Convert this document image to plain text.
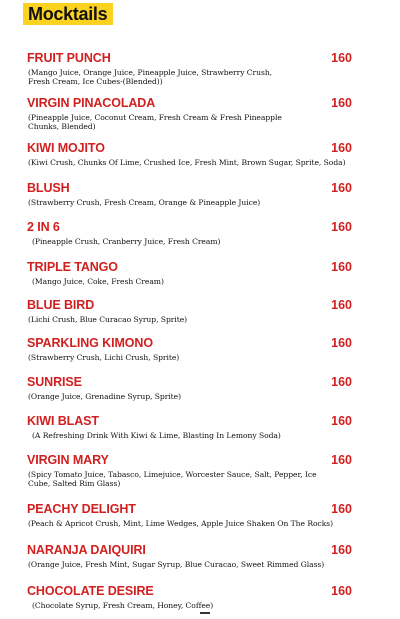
Mocktails
FRUIT PUNCH	160
(Mango Juice, Orange Juice, Pineapple Juice, Strawberry Crush, Fresh Cream, Ice Cubes-(Blended))
VIRGIN PINACOLADA	160
(Pineapple Juice, Coconut Cream, Fresh Cream & Fresh Pineapple Chunks, Blended)
KIWI MOJITO	160
(Kiwi Crush, Chunks Of Lime, Crushed Ice, Fresh Mint, Brown Sugar, Sprite, Soda)
BLUSH	160
(Strawberry Crush, Fresh Cream, Orange & Pineapple Juice)
2 IN 6	160
(Pineapple Crush, Cranberry Juice, Fresh Cream)
TRIPLE TANGO	160
(Mango Juice, Coke, Fresh Cream)
BLUE BIRD	160
(Lichi Crush, Blue Curacao Syrup, Sprite)
SPARKLING KIMONO	160
(Strawberry Crush, Lichi Crush, Sprite)
SUNRISE	160
(Orange Juice, Grenadine Syrup, Sprite)
KIWI BLAST	160
(A Refreshing Drink With Kiwi & Lime, Blasting In Lemony Soda)
VIRGIN MARY	160
(Spicy Tomato Juice, Tabasco, Limejuice, Worcester Sauce, Salt, Pepper, Ice Cube, Salted Rim Glass)
PEACHY DELIGHT	160
(Peach & Apricot Crush, Mint, Lime Wedges, Apple Juice Shaken On The Rocks)
NARANJA DAIQUIRI	160
(Orange Juice, Fresh Mint, Sugar Syrup, Blue Curacao, Sweet Rimmed Glass)
CHOCOLATE DESIRE	160
(Chocolate Syrup, Fresh Cream, Honey, Coffee)
